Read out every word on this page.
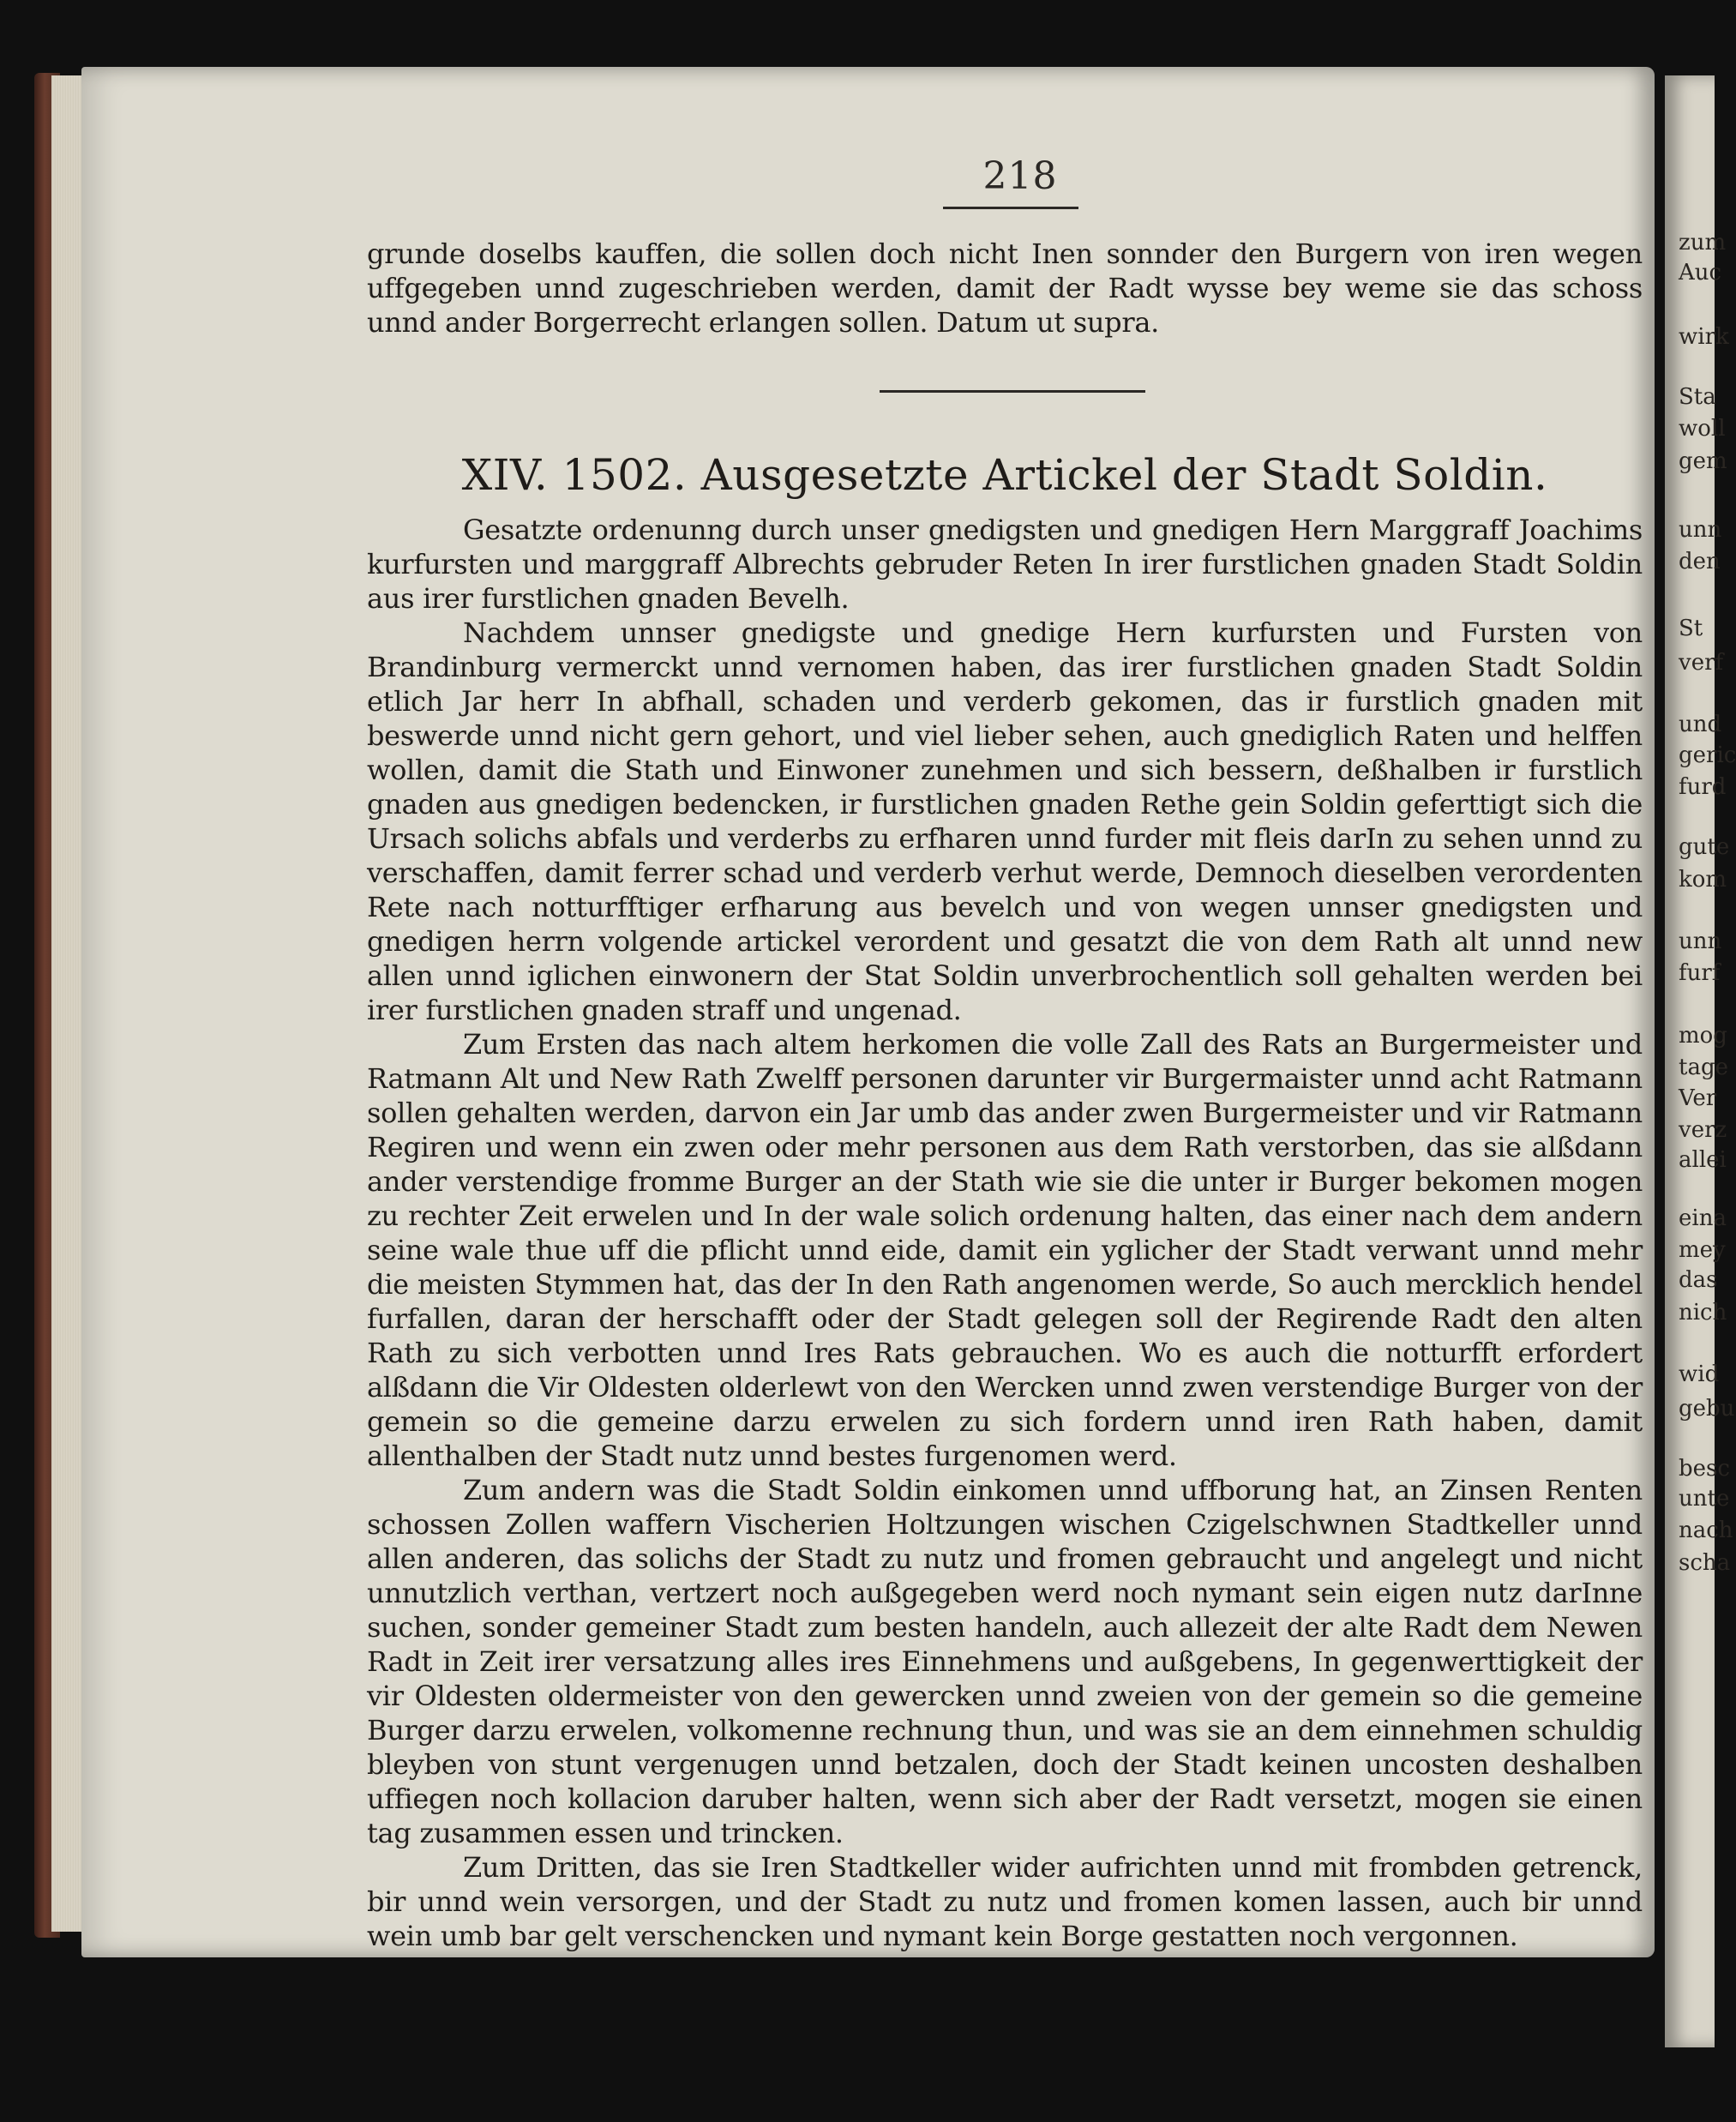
zum
Auc
wirk
Sta
woll
gem
unn
den
St
verf
und
geric
furd
gute
kom
unn
furf
mog
tage
Ver
verz
allei
eina
mey
das
nich
wid
gebu
besc
unte
nach
scha
218
grunde doselbs kauffen, die sollen doch nicht Inen sonnder den Burgern von iren wegen uffgegeben unnd zugeschrieben werden, damit der Radt wysse bey weme sie das schoss unnd ander Borgerrecht erlangen sollen. Datum ut supra.
XIV. 1502. Ausgesetzte Artickel der Stadt Soldin.

Gesatzte ordenunng durch unser gnedigsten und gnedigen Hern Marggraff Joachims kurfursten und marggraff Albrechts gebruder Reten In irer furstlichen gnaden Stadt Soldin aus irer furstlichen gnaden Bevelh.

Nachdem unnser gnedigste und gnedige Hern kurfursten und Fursten von Brandinburg vermerckt unnd vernomen haben, das irer furstlichen gnaden Stadt Soldin etlich Jar herr In abfhall, schaden und verderb gekomen, das ir furstlich gnaden mit beswerde unnd nicht gern gehort, und viel lieber sehen, auch gnediglich Raten und helffen wollen, damit die Stath und Einwoner zunehmen und sich bessern, deßhalben ir furstlich gnaden aus gnedigen bedencken, ir furstlichen gnaden Rethe gein Soldin geferttigt sich die Ursach solichs abfals und verderbs zu erfharen unnd furder mit fleis darIn zu sehen unnd zu verschaffen, damit ferrer schad und verderb verhut werde, Demnoch dieselben verordenten Rete nach notturfftiger erfharung aus bevelch und von wegen unnser gnedigsten und gnedigen herrn volgende artickel verordent und gesatzt die von dem Rath alt unnd new allen unnd iglichen einwonern der Stat Soldin unverbrochentlich soll gehalten werden bei irer furstlichen gnaden straff und ungenad.

Zum Ersten das nach altem herkomen die volle Zall des Rats an Burgermeister und Ratmann Alt und New Rath Zwelff personen darunter vir Burgermaister unnd acht Ratmann sollen gehalten werden, darvon ein Jar umb das ander zwen Burgermeister und vir Ratmann Regiren und wenn ein zwen oder mehr personen aus dem Rath verstorben, das sie alßdann ander verstendige fromme Burger an der Stath wie sie die unter ir Burger bekomen mogen zu rechter Zeit erwelen und In der wale solich ordenung halten, das einer nach dem andern seine wale thue uff die pflicht unnd eide, damit ein yglicher der Stadt verwant unnd mehr die meisten Stymmen hat, das der In den Rath angenomen werde, So auch mercklich hendel furfallen, daran der herschafft oder der Stadt gelegen soll der Regirende Radt den alten Rath zu sich verbotten unnd Ires Rats gebrauchen. Wo es auch die notturfft erfordert alßdann die Vir Oldesten olderlewt von den Wercken unnd zwen verstendige Burger von der gemein so die gemeine darzu erwelen zu sich fordern unnd iren Rath haben, damit allenthalben der Stadt nutz unnd bestes furgenomen werd.

Zum andern was die Stadt Soldin einkomen unnd uffborung hat, an Zinsen Renten schossen Zollen waffern Vischerien Holtzungen wischen Czigelschwnen Stadtkeller unnd allen anderen, das solichs der Stadt zu nutz und fromen gebraucht und angelegt und nicht unnutzlich verthan, vertzert noch außgegeben werd noch nymant sein eigen nutz darInne suchen, sonder gemeiner Stadt zum besten handeln, auch allezeit der alte Radt dem Newen Radt in Zeit irer versatzung alles ires Einnehmens und außgebens, In gegenwerttigkeit der vir Oldesten oldermeister von den gewercken unnd zweien von der gemein so die gemeine Burger darzu erwelen, volkomenne rechnung thun, und was sie an dem einnehmen schuldig bleyben von stunt vergenugen unnd betzalen, doch der Stadt keinen uncosten deshalben uffiegen noch kollacion daruber halten, wenn sich aber der Radt versetzt, mogen sie einen tag zusammen essen und trincken.

Zum Dritten, das sie Iren Stadtkeller wider aufrichten unnd mit frombden getrenck, bir unnd wein versorgen, und der Stadt zu nutz und fromen komen lassen, auch bir unnd wein umb bar gelt verschencken und nymant kein Borge gestatten noch vergonnen.
